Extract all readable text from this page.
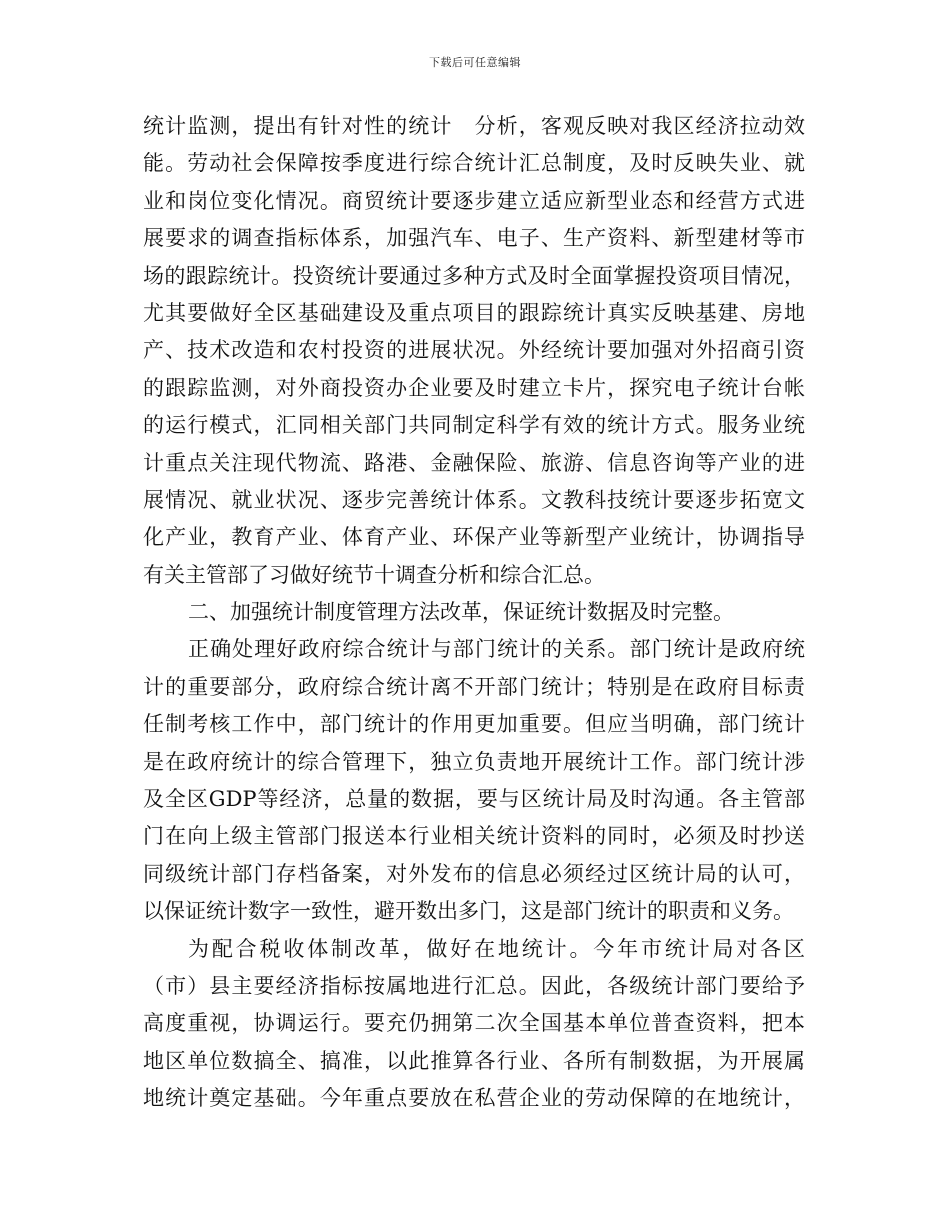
下载后可任意编辑
统计监测，提出有针对性的统计　分析，客观反映对我区经济拉动效
能。劳动社会保障按季度进行综合统计汇总制度，及时反映失业、就
业和岗位变化情况。商贸统计要逐步建立适应新型业态和经营方式进
展要求的调查指标体系，加强汽车、电子、生产资料、新型建材等市
场的跟踪统计。投资统计要通过多种方式及时全面掌握投资项目情况，
尤其要做好全区基础建设及重点项目的跟踪统计真实反映基建、房地
产、技术改造和农村投资的进展状况。外经统计要加强对外招商引资
的跟踪监测，对外商投资办企业要及时建立卡片，探究电子统计台帐
的运行模式，汇同相关部门共同制定科学有效的统计方式。服务业统
计重点关注现代物流、路港、金融保险、旅游、信息咨询等产业的进
展情况、就业状况、逐步完善统计体系。文教科技统计要逐步拓宽文
化产业，教育产业、体育产业、环保产业等新型产业统计，协调指导
有关主管部了习做好统节十调查分析和综合汇总。
二、加强统计制度管理方法改革，保证统计数据及时完整。
正确处理好政府综合统计与部门统计的关系。部门统计是政府统
计的重要部分，政府综合统计离不开部门统计；特别是在政府目标责
任制考核工作中，部门统计的作用更加重要。但应当明确，部门统计
是在政府统计的综合管理下，独立负责地开展统计工作。部门统计涉
及全区GDP等经济，总量的数据，要与区统计局及时沟通。各主管部
门在向上级主管部门报送本行业相关统计资料的同时，必须及时抄送
同级统计部门存档备案，对外发布的信息必须经过区统计局的认可，
以保证统计数字一致性，避开数出多门，这是部门统计的职责和义务。
为配合税收体制改革，做好在地统计。今年市统计局对各区
（市）县主要经济指标按属地进行汇总。因此，各级统计部门要给予
高度重视，协调运行。要充仍拥第二次全国基本单位普查资料，把本
地区单位数搞全、搞准，以此推算各行业、各所有制数据，为开展属
地统计奠定基础。今年重点要放在私营企业的劳动保障的在地统计，
